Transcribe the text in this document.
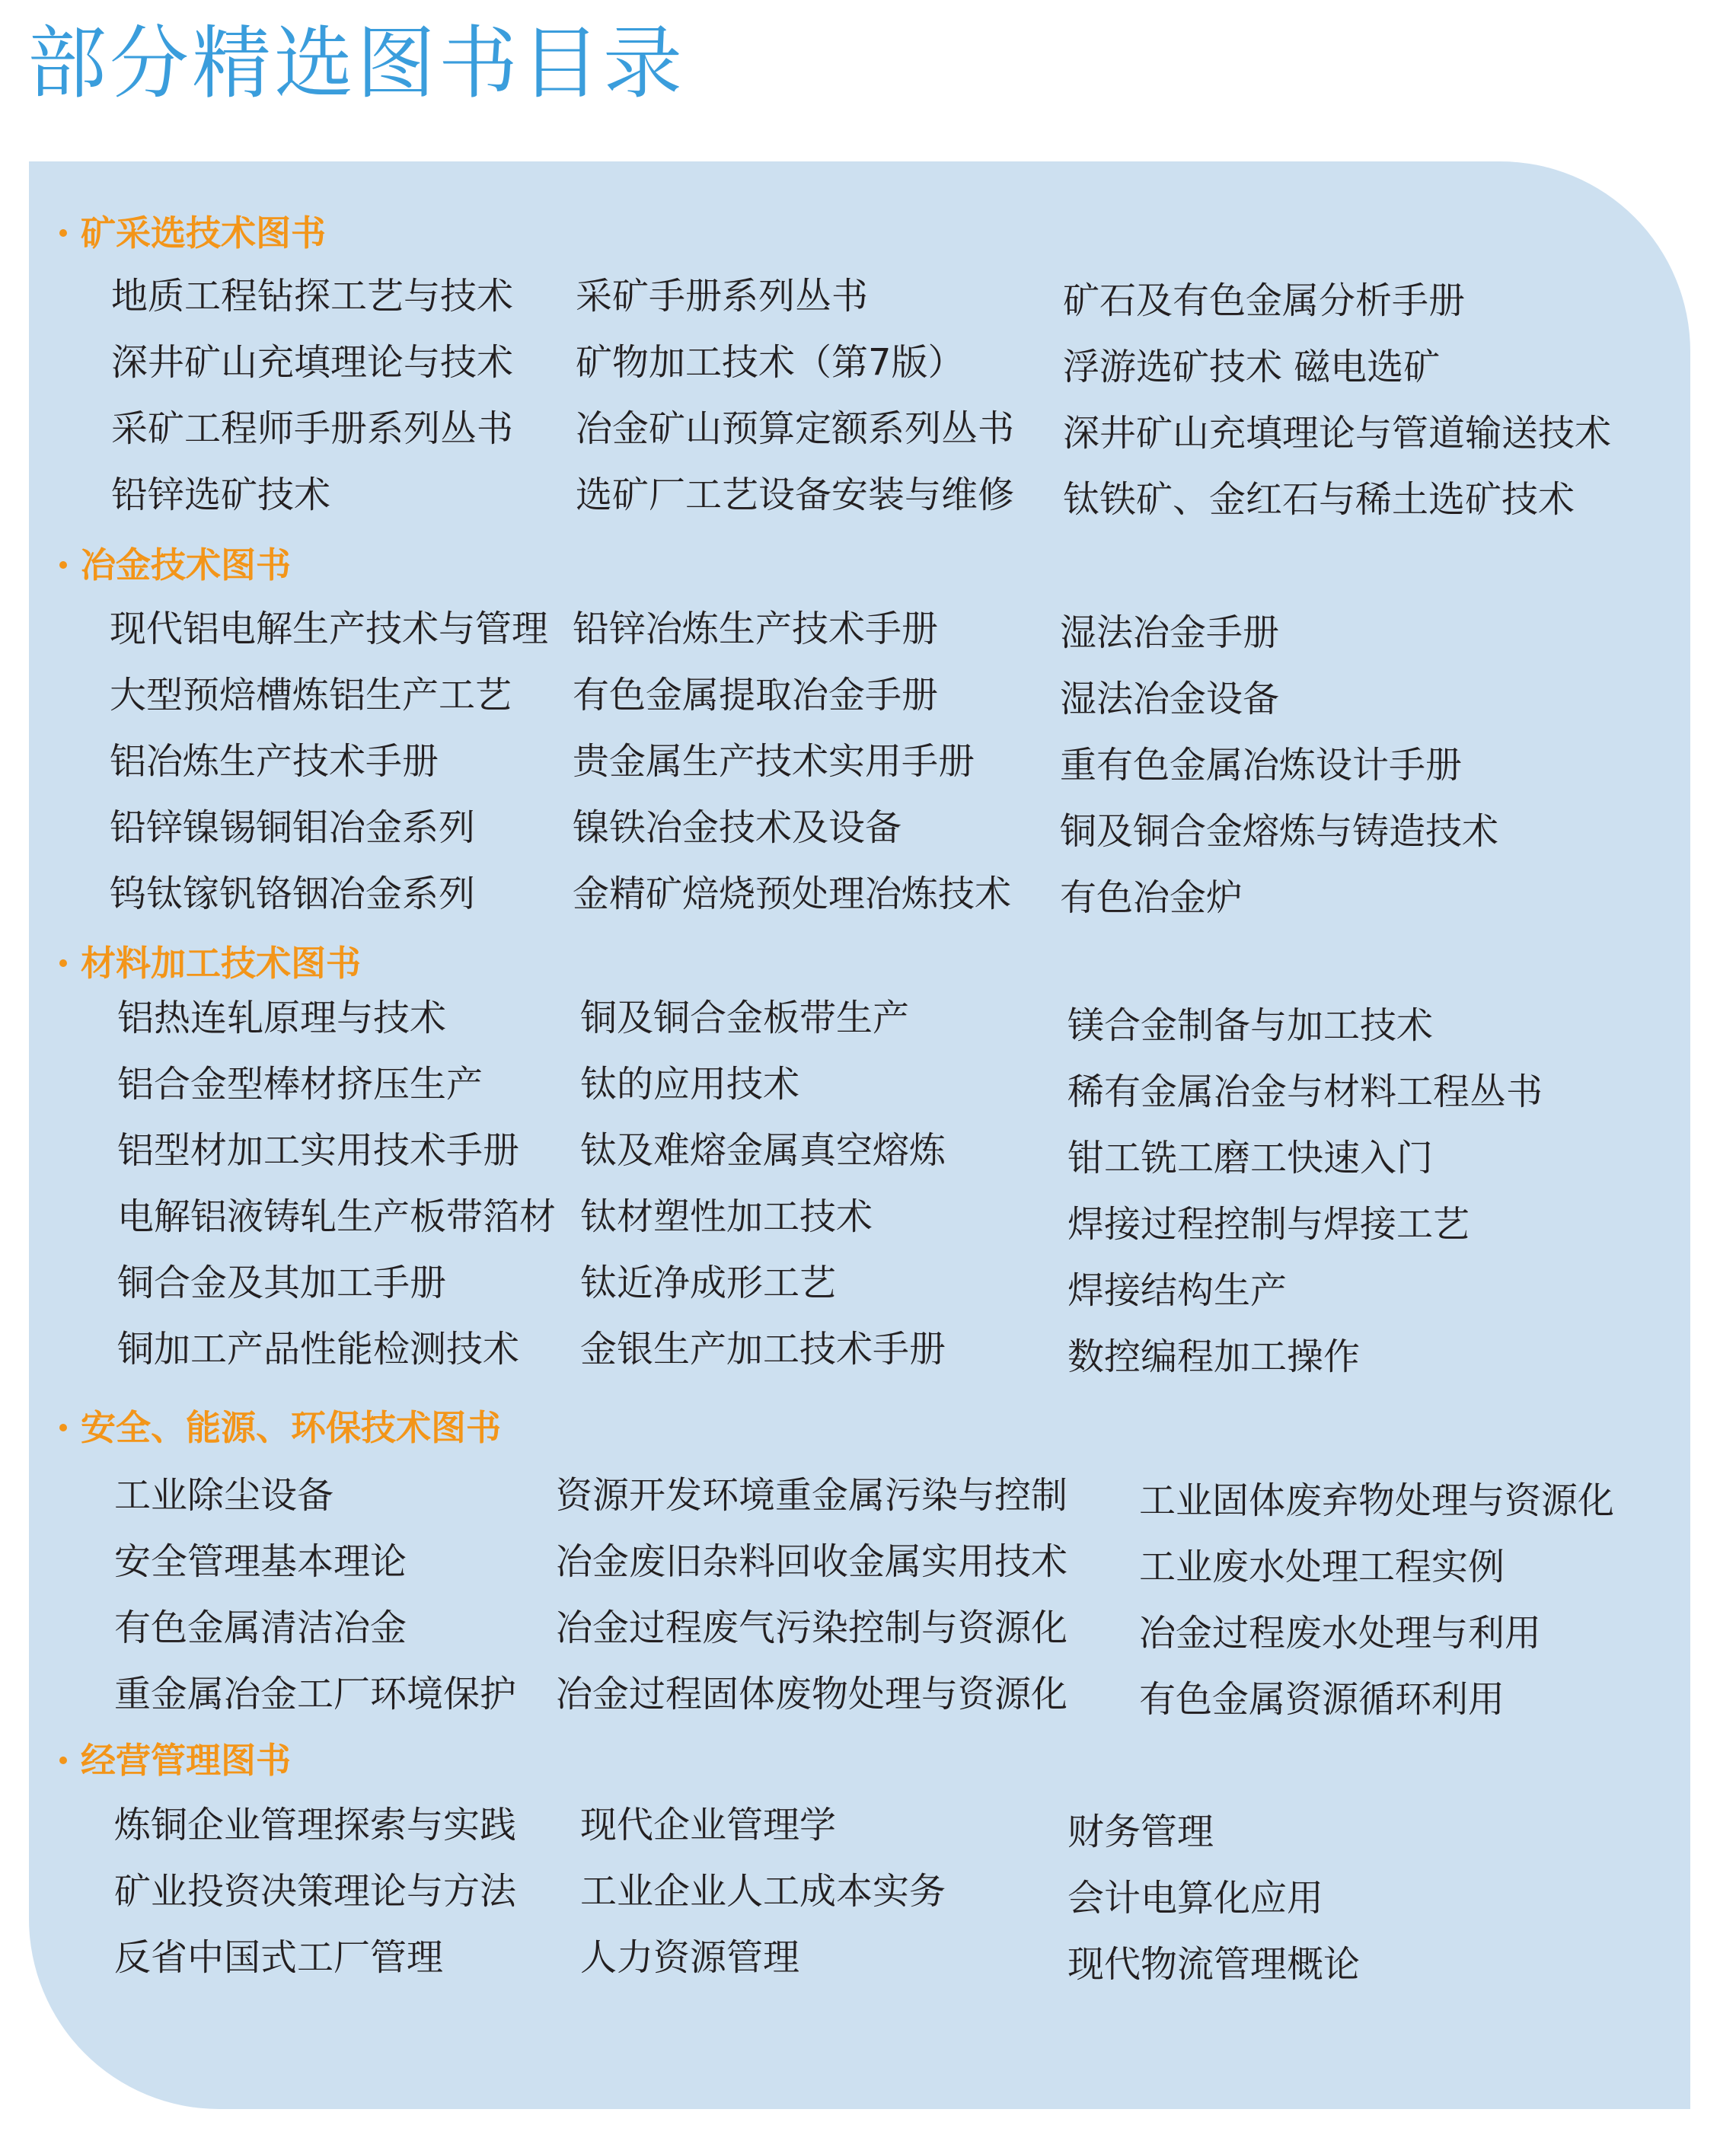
部分精选图书目录
矿采选技术图书
地质工程钻探工艺与技术
深井矿山充填理论与技术
采矿工程师手册系列丛书
铅锌选矿技术
采矿手册系列丛书
矿物加工技术（第7版）
冶金矿山预算定额系列丛书
选矿厂工艺设备安装与维修
矿石及有色金属分析手册
浮游选矿技术 磁电选矿
深井矿山充填理论与管道输送技术
钛铁矿、金红石与稀土选矿技术
冶金技术图书
现代铝电解生产技术与管理
大型预焙槽炼铝生产工艺
铝冶炼生产技术手册
铅锌镍锡铜钼冶金系列
钨钛镓钒铬铟冶金系列
铅锌冶炼生产技术手册
有色金属提取冶金手册
贵金属生产技术实用手册
镍铁冶金技术及设备
金精矿焙烧预处理冶炼技术
湿法冶金手册
湿法冶金设备
重有色金属冶炼设计手册
铜及铜合金熔炼与铸造技术
有色冶金炉
材料加工技术图书
铝热连轧原理与技术
铝合金型棒材挤压生产
铝型材加工实用技术手册
电解铝液铸轧生产板带箔材
铜合金及其加工手册
铜加工产品性能检测技术
铜及铜合金板带生产
钛的应用技术
钛及难熔金属真空熔炼
钛材塑性加工技术
钛近净成形工艺
金银生产加工技术手册
镁合金制备与加工技术
稀有金属冶金与材料工程丛书
钳工铣工磨工快速入门
焊接过程控制与焊接工艺
焊接结构生产
数控编程加工操作
安全、能源、环保技术图书
工业除尘设备
安全管理基本理论
有色金属清洁冶金
重金属冶金工厂环境保护
资源开发环境重金属污染与控制
冶金废旧杂料回收金属实用技术
冶金过程废气污染控制与资源化
冶金过程固体废物处理与资源化
工业固体废弃物处理与资源化
工业废水处理工程实例
冶金过程废水处理与利用
有色金属资源循环利用
经营管理图书
炼铜企业管理探索与实践
矿业投资决策理论与方法
反省中国式工厂管理
现代企业管理学
工业企业人工成本实务
人力资源管理
财务管理
会计电算化应用
现代物流管理概论
